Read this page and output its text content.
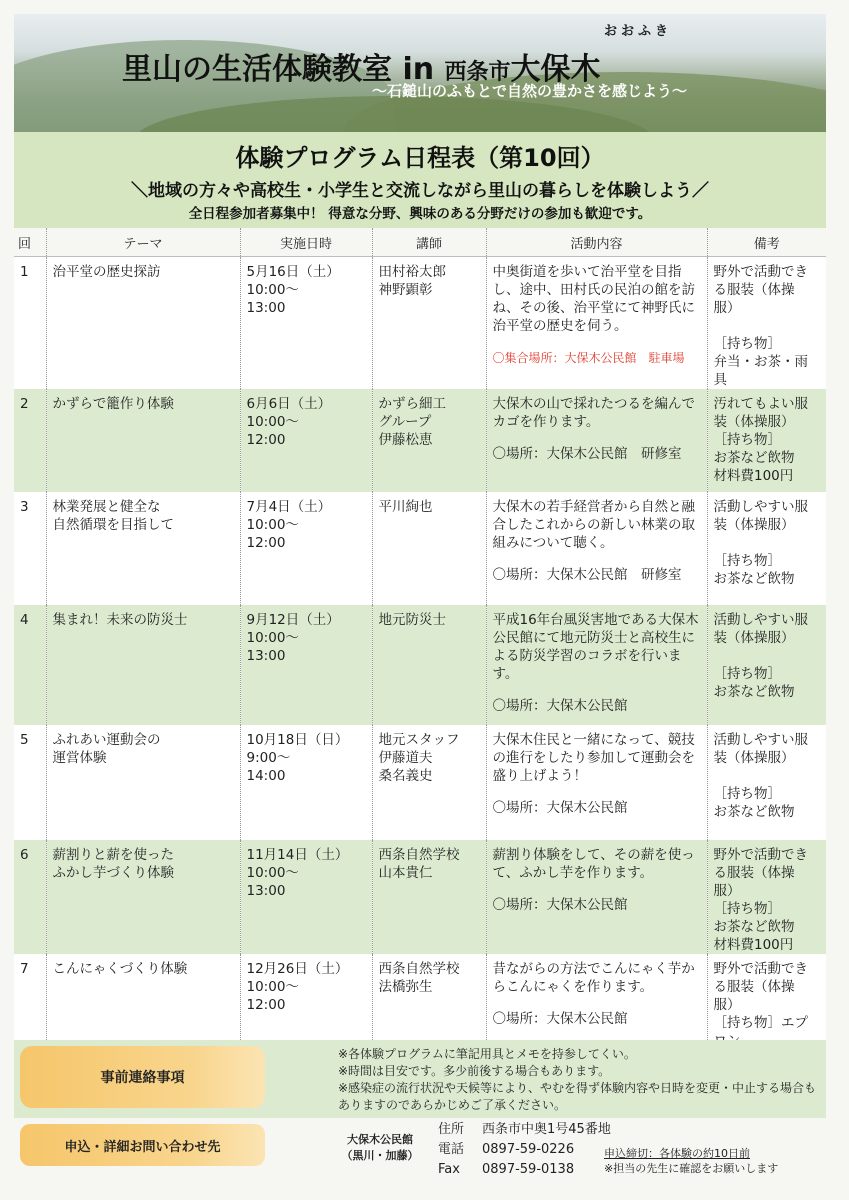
おおふき
里山の生活体験教室 in 西条市大保木
〜石鎚山のふもとで自然の豊かさを感じよう〜
体験プログラム日程表（第10回）
＼地域の方々や高校生・小学生と交流しながら里山の暮らしを体験しよう／
全日程参加者募集中！ 得意な分野、興味のある分野だけの参加も歓迎です。
回	テーマ	実施日時	講師	活動内容	備考
1	治平堂の歴史探訪	5月16日（土）
10:00〜
13:00	田村裕太郎
神野顕彰	中奥街道を歩いて治平堂を目指し、途中、田村氏の民泊の館を訪ね、その後、治平堂にて神野氏に治平堂の歴史を伺う。
〇集合場所：大保木公民館　駐車場	野外で活動できる服装（体操服）

［持ち物］
弁当・お茶・雨具
2	かずらで籠作り体験	6月6日（土）
10:00〜
12:00	かずら細工
グループ
伊藤松恵	大保木の山で採れたつるを編んでカゴを作ります。
〇場所：大保木公民館　研修室	汚れてもよい服装（体操服）
［持ち物］
お茶など飲物
材料費100円
3	林業発展と健全な
自然循環を目指して	7月4日（土）
10:00〜
12:00	平川絢也	大保木の若手経営者から自然と融合したこれからの新しい林業の取組みについて聴く。
〇場所：大保木公民館　研修室	活動しやすい服装（体操服）

［持ち物］
お茶など飲物
4	集まれ！未来の防災士	9月12日（土）
10:00〜
13:00	地元防災士	平成16年台風災害地である大保木公民館にて地元防災士と高校生による防災学習のコラボを行います。
〇場所：大保木公民館	活動しやすい服装（体操服）

［持ち物］
お茶など飲物
5	ふれあい運動会の
運営体験	10月18日（日）
9:00〜
14:00	地元スタッフ
伊藤道夫
桑名義史	大保木住民と一緒になって、競技の進行をしたり参加して運動会を盛り上げよう！
〇場所：大保木公民館	活動しやすい服装（体操服）

［持ち物］
お茶など飲物
6	薪割りと薪を使った
ふかし芋づくり体験	11月14日（土）
10:00〜
13:00	西条自然学校
山本貴仁	薪割り体験をして、その薪を使って、ふかし芋を作ります。
〇場所：大保木公民館	野外で活動できる服装（体操服）
［持ち物］
お茶など飲物
材料費100円
7	こんにゃくづくり体験	12月26日（土）
10:00〜
12:00	西条自然学校
法橋弥生	昔ながらの方法でこんにゃく芋からこんにゃくを作ります。
〇場所：大保木公民館	野外で活動できる服装（体操服）
［持ち物］エプ

事前連絡事項
※各体験プログラムに筆記用具とメモを持参してくい。
※時間は目安です。多少前後する場合もあります。
※感染症の流行状況や天候等により、やむを得ず体験内容や日時を変更・中止する場合もありますのであらかじめご了承ください。
申込・詳細お問い合わせ先	大保木公民館
（黒川・加藤）
住所 西条市中奥1号45番地
電話 0897-59-0226
Fax 0897-59-0138
申込締切：各体験の約10日前
※担当の先生に確認をお願いします
